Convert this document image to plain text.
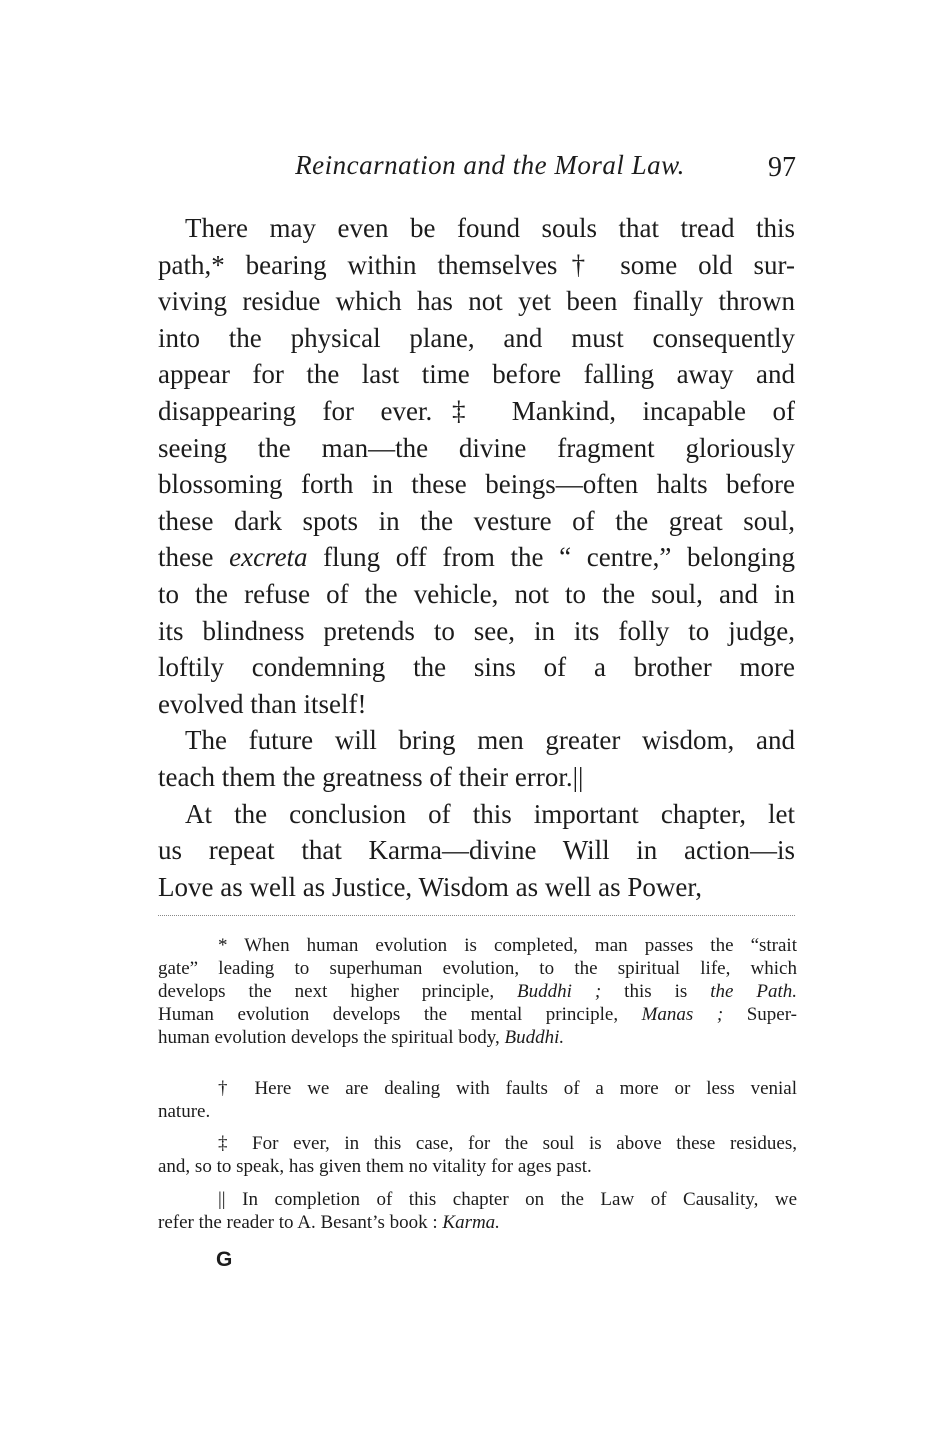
Reincarnation and the Moral Law.	97
There may even be found souls that tread this
path,* bearing within themselves† some old sur-
viving residue which has not yet been finally thrown
into the physical plane, and must consequently
appear for the last time before falling away and
disappearing for ever.‡ Mankind, incapable of
seeing the man—the divine fragment gloriously
blossoming forth in these beings—often halts before
these dark spots in the vesture of the great soul,
these excreta flung off from the “ centre,” belonging
to the refuse of the vehicle, not to the soul, and in
its blindness pretends to see, in its folly to judge,
loftily condemning the sins of a brother more
evolved than itself!
The future will bring men greater wisdom, and
teach them the greatness of their error.||
At the conclusion of this important chapter, let
us repeat that Karma—divine Will in action—is
Love as well as Justice, Wisdom as well as Power,
* When human evolution is completed, man passes the “strait
gate” leading to superhuman evolution, to the spiritual life, which
develops the next higher principle, Buddhi ; this is the Path.
Human evolution develops the mental principle, Manas ; Super-
human evolution develops the spiritual body, Buddhi.
† Here we are dealing with faults of a more or less venial
nature.
‡ For ever, in this case, for the soul is above these residues,
and, so to speak, has given them no vitality for ages past.
|| In completion of this chapter on the Law of Causality, we
refer the reader to A. Besant’s book : Karma.
G
